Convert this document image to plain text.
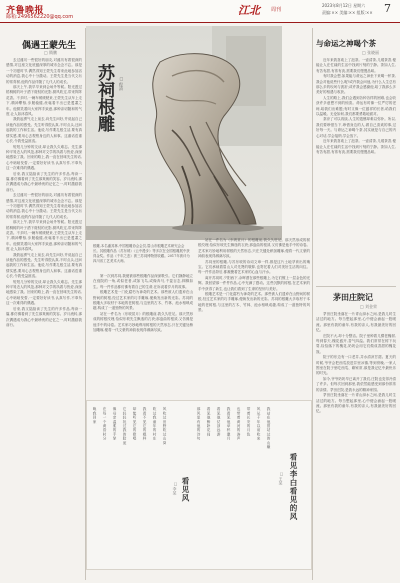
齐鲁晚报
邮箱:2496562220@qq.com	江北 周刊
2023年8月12日 星期六
责编:×× 美编:×× 组版:×× 7
偶遇王蒙先生
□ 隋鹏

去过潍坊一些很好的朋友,对潍坊有着很深的感情,对这座文化底蕴深厚的城市念念不忘。那是一个初夏时节,偶然得知王蒙先生将来此地参加活动的消息,我心中十分激动。王蒙先生是当代文坛的常青树,他的作品伴随了几代人的成长。

那天上午,我早早来到会场外等候。阳光透过梧桐树的叶子洒下斑驳的光影,微风吹过,带来阵阵花香。不多时,一辆车缓缓驶来,王蒙先生从车上走下,精神矍铄,步履稳健,丝毫看不出已是耄耋之年。他微笑着向大家挥手致意,那种亲切随和的气度,让人如沐春风。

我鼓起勇气走上前去,向先生问好,并说起自己读他作品的感受。先生听得很认真,不时点头,还问起我的工作和生活。他说,写作要扎根生活,要有真情实感,要用心去观察身边的人和事。这番话语重心长,令我受益匪浅。

短短几分钟的交谈,却让我久久难忘。先生那种平易近人的风范,那种对文学的执着与热爱,深深地感染了我。回来的路上,我一直在回味先生的话,心中暗暗发誓,一定要好好读书,认真写作,不辜负这一次难得的偶遇。

后来,我又陆续读了先生的许多作品,每读一篇,都仿佛看到了先生那爽朗的笑容。岁月流转,那次偶遇成为我心中最珍贵的记忆之一,时时激励我前行。

去过潍坊一些很好的朋友,对潍坊有着很深的感情,对这座文化底蕴深厚的城市念念不忘。那是一个初夏时节,偶然得知王蒙先生将来此地参加活动的消息,我心中十分激动。王蒙先生是当代文坛的常青树,他的作品伴随了几代人的成长。

那天上午,我早早来到会场外等候。阳光透过梧桐树的叶子洒下斑驳的光影,微风吹过,带来阵阵花香。不多时,一辆车缓缓驶来,王蒙先生从车上走下,精神矍铄,步履稳健,丝毫看不出已是耄耋之年。他微笑着向大家挥手致意,那种亲切随和的气度,让人如沐春风。

我鼓起勇气走上前去,向先生问好,并说起自己读他作品的感受。先生听得很认真,不时点头,还问起我的工作和生活。他说,写作要扎根生活,要有真情实感,要用心去观察身边的人和事。这番话语重心长,令我受益匪浅。

短短几分钟的交谈,却让我久久难忘。先生那种平易近人的风范,那种对文学的执着与热爱,深深地感染了我。回来的路上,我一直在回味先生的话,心中暗暗发誓,一定要好好读书,认真写作,不辜负这一次难得的偶遇。

后来,我又陆续读了先生的许多作品,每读一篇,都仿佛看到了先生那爽朗的笑容。岁月流转,那次偶遇成为我心中最珍贵的记忆之一,时时激励我前行。

苏祠根雕 □ 程清
根雕,本名潘其林,中国根雕协会会员,眉山市根雕艺术研究会会长。其根雕作品《苏东坡》《云中漫步》等多次在全国根雕展中获得金奖。作品《千年之恋》被三苏祠博物馆收藏。2017年被评为四川省工艺美术大师。

第一次到苏祠,我便被那些根雕作品深深吸引。它们静静地立在庭院的一角,或似老者,或如飞鸟,或像奔马,千姿百态,栩栩如生。每一件作品都仿佛有着自己的生命,在诉说着岁月的故事。

根雕艺术是一门化腐朽为神奇的艺术。那些被人们遗弃在山野间的树根,经过艺术家的巧手雕琢,便焕发出新的光彩。苏祠的根雕大多取材于本地的老树根,与这里的古木、竹林、池水相映成趣,构成了一道独特的风景。

站在一件名为《东坡赏月》的根雕前,我久久驻足。那天然形成的树根纹理,恰似东坡先生飘逸的衣袂;那盘曲的根须,又仿佛是他手中的诗卷。艺术家巧妙地利用树根的天然形态,只在关键处稍加雕琢,便将一代文豪的神韵表现得淋漓尽致。

站在一件名为《东坡赏月》的根雕前,我久久驻足。那天然形成的树根纹理,恰似东坡先生飘逸的衣袂;那盘曲的根须,又仿佛是他手中的诗卷。艺术家巧妙地利用树根的天然形态,只在关键处稍加雕琢,便将一代文豪的神韵表现得淋漓尽致。

苏祠里的根雕,与苏东坡的诗词文章一样,都是这片土地孕育出的瑰宝。它们承载着眉山人对先贤的敬仰,也寄托着人们对美好生活的向往。每一件作品背后,都凝聚着艺术家的心血与汗水。

离开苏祠时,夕阳西下,余晖洒在那些根雕上,为它们镀上一层金色的光辉。我回望那一件件作品,心中充满了感动。这些沉默的树根,在艺术家的手中获得了新生,也让我们看到了生命的坚韧与美好。

根雕艺术是一门化腐朽为神奇的艺术。那些被人们遗弃在山野间的树根,经过艺术家的巧手雕琢,便焕发出新的光彩。苏祠的根雕大多取材于本地的老树根,与这里的古木、竹林、池水相映成趣,构成了一道独特的风景。

与命运之神喝个茶
□ 张晓丽

近年来我喜欢上了泡茶。一壶清茶,几缕茶香,便能让人在忙碌的生活中找到片刻的宁静。茶如人生,有苦有甜,有浓有淡,需要我们慢慢品味。

有时我会想,如果能与命运之神坐下来喝一杯茶,我会对他说些什么呢?或许我会问他,为什么人生总有那么多的坎坷与波折;或许我会感谢他,给了我那么多美好的相遇与收获。

人生的路上,我们会遇到各种各样的困难,也会收获许多意想不到的惊喜。命运有时像一位严厉的老师,给我们出难题;有时又像一位慈祥的长者,给我们以温暖。无论如何,我们都要勇敢地面对。

茶凉了可以再续,人生的遗憾却难以弥补。所以,我们要珍惜当下,珍惜身边的人,做自己喜欢的事,过好每一天。与命运之神喝个茶,其实就是与自己的内心对话,学会接纳,学会放下。

近年来我喜欢上了泡茶。一壶清茶,几缕茶香,便能让人在忙碌的生活中找到片刻的宁静。茶如人生,有苦有甜,有浓有淡,需要我们慢慢品味。

茅田庄院记
□ 刘金荣

茅田庄院坐落在一片青山绿水之间,是我儿时生活过的地方。每当想起那里,心中便会涌起一股暖流。那里有我的童年,有我的亲人,有我最美好的回忆。

庄院不大,却十分整洁。院子里种着几棵老槐树,每到春天,槐花盛开,香气四溢。我们常常在树下玩耍,捡拾落下的槐花,奶奶会用它们做成香甜的槐花饭。

院子的东边有一口老井,井水清凉甘甜。夏天的时候,爷爷会把西瓜放进井里冰镇,等到傍晚,一家人围坐在院子里吃西瓜、聊家常,那是我记忆中最快乐的时光。

如今,爷爷奶奶早已离开了我们,庄院也变得冷清了许多。但每次回到那里,我依然能感受到那份浓浓的亲情。茅田庄院,是我永远的精神家园。

茅田庄院坐落在一片青山绿水之间,是我儿时生活过的地方。每当想起那里,心中便会涌起一股暖流。那里有我的童年,有我的亲人,有我最美好的回忆。

唤我回家	在每一个黄昏时分	像母亲温柔的手掌	它轻轻抚过我的脸庞	却能听见它的歌唱	我看不见它的模样	吹过我童年的村庄	风吹过田野吹过山岗
□ 李某 看见风
那风里有他的诗句	看见他醉卧花间	看见他仗剑远游	我看见他举杯邀月	也带着黄河的涛声	带着长安的月色	风从千年以前吹来	我站在他曾站过的山巅
□ 王某 看见李白看见的风
